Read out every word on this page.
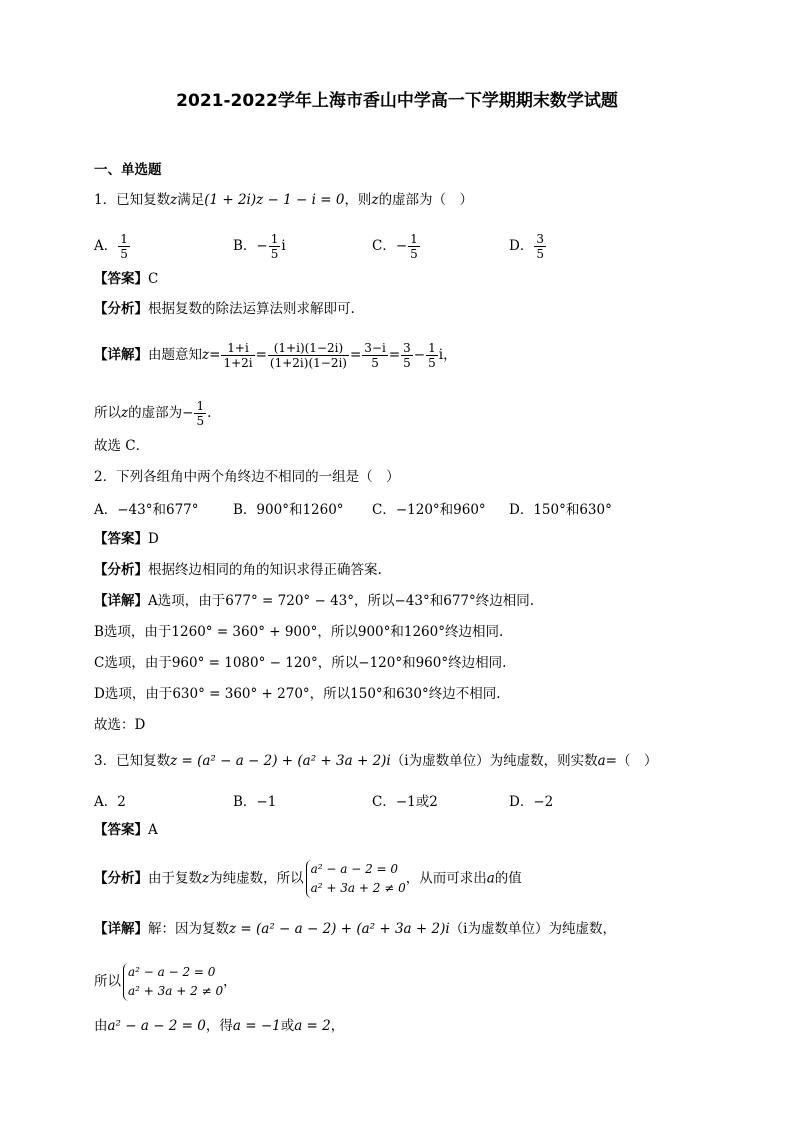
2021-2022学年上海市香山中学高一下学期期末数学试题
一、单选题
1．已知复数z满足(1 + 2i)z − 1 − i = 0，则z的虚部为（　）
A． $\frac{1}{5}$	B．− $\frac{1}{5}$ i	C．− $\frac{1}{5}$	D． $\frac{3}{5}$
【答案】C
【分析】根据复数的除法运算法则求解即可.
【详解】由题意知$z= \frac{1+i}{1+2i} = \frac{(1+i)(1-2i)}{(1+2i)(1-2i)} = \frac{3-i}{5} = \frac{3}{5} - \frac{1}{5}$ i，
所以z的虚部为− $\frac{1}{5}$ .
故选 C．
2．下列各组角中两个角终边不相同的一组是（　）
A．−43°和677°	B．900°和1260° C．−120°和960° D．150°和630°
【答案】D
【分析】根据终边相同的角的知识求得正确答案.
【详解】A选项，由于677° = 720° − 43°，所以−43°和677°终边相同.
B选项，由于1260° = 360° + 900°，所以900°和1260°终边相同.
C选项，由于960° = 1080° − 120°，所以−120°和960°终边相同.
D选项，由于630° = 360° + 270°，所以150°和630°终边不相同.
故选：D
3．已知复数z = (a² − a − 2) + (a² + 3a + 2)i（i为虚数单位）为纯虚数，则实数a=（　）
A．2	B．−1	C．−1或2	D．−2
【答案】A
【分析】由于复数z为纯虚数，所以
a² − a − 2 = 0
a² + 3a + 2 ≠ 0
，从而可求出a的值
【详解】解：因为复数z = (a² − a − 2) + (a² + 3a + 2)i（i为虚数单位）为纯虚数，
所以
a² − a − 2 = 0
a² + 3a + 2 ≠ 0
，
由a² − a − 2 = 0，得a = −1或a = 2，
